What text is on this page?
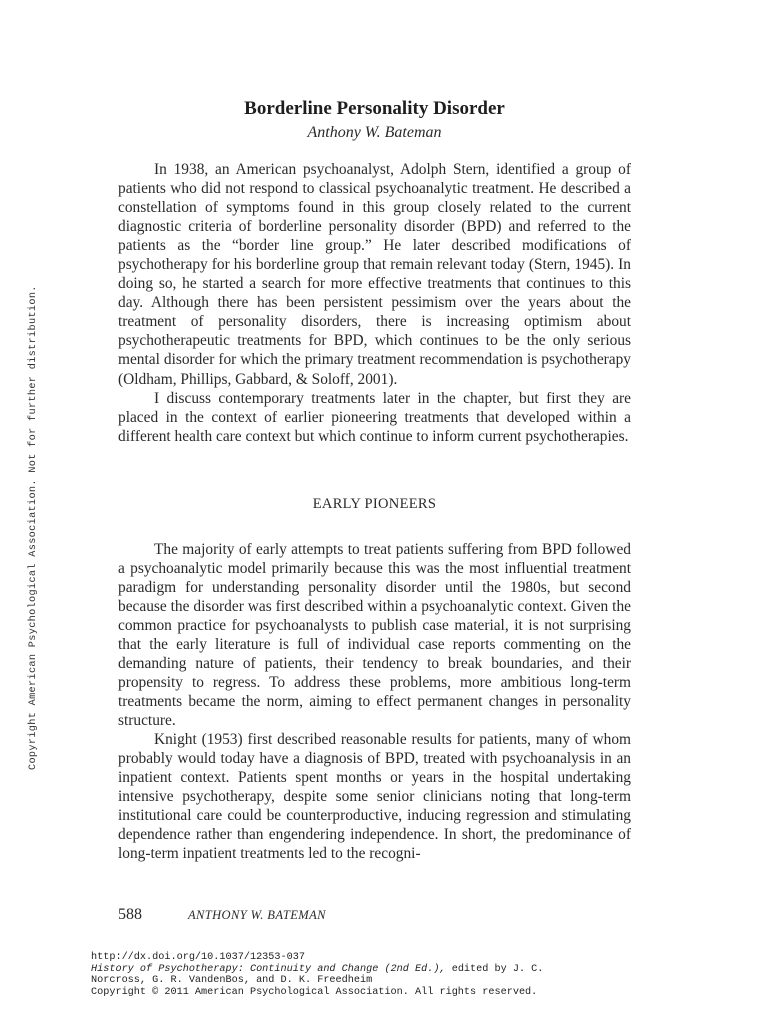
Copyright American Psychological Association. Not for further distribution.
Borderline Personality Disorder
Anthony W. Bateman

In 1938, an American psychoanalyst, Adolph Stern, identified a group of patients who did not respond to classical psychoanalytic treatment. He described a constellation of symptoms found in this group closely related to the current diagnostic criteria of borderline personality disorder (BPD) and referred to the patients as the “border line group.” He later described modifications of psychotherapy for his borderline group that remain relevant today (Stern, 1945). In doing so, he started a search for more effective treatments that continues to this day. Although there has been persistent pessimism over the years about the treatment of personality disorders, there is increasing optimism about psychotherapeutic treatments for BPD, which continues to be the only serious mental disorder for which the primary treatment recommendation is psychotherapy (Oldham, Phillips, Gabbard, & Soloff, 2001).

I discuss contemporary treatments later in the chapter, but first they are placed in the context of earlier pioneering treatments that developed within a different health care context but which continue to inform current psychotherapies.

EARLY PIONEERS

The majority of early attempts to treat patients suffering from BPD followed a psychoanalytic model primarily because this was the most influential treatment paradigm for understanding personality disorder until the 1980s, but second because the disorder was first described within a psychoanalytic context. Given the common practice for psychoanalysts to publish case material, it is not surprising that the early literature is full of individual case reports commenting on the demanding nature of patients, their tendency to break boundaries, and their propensity to regress. To address these problems, more ambitious long-term treatments became the norm, aiming to effect permanent changes in personality structure.

Knight (1953) first described reasonable results for patients, many of whom probably would today have a diagnosis of BPD, treated with psychoanalysis in an inpatient context. Patients spent months or years in the hospital undertaking intensive psychotherapy, despite some senior clinicians noting that long-term institutional care could be counterproductive, inducing regression and stimulating dependence rather than engendering independence. In short, the predominance of long-term inpatient treatments led to the recogni-

588	ANTHONY W. BATEMAN
http://dx.doi.org/10.1037/12353-037
History of Psychotherapy: Continuity and Change (2nd Ed.), edited by J. C.
Norcross, G. R. VandenBos, and D. K. Freedheim
Copyright © 2011 American Psychological Association. All rights reserved.
